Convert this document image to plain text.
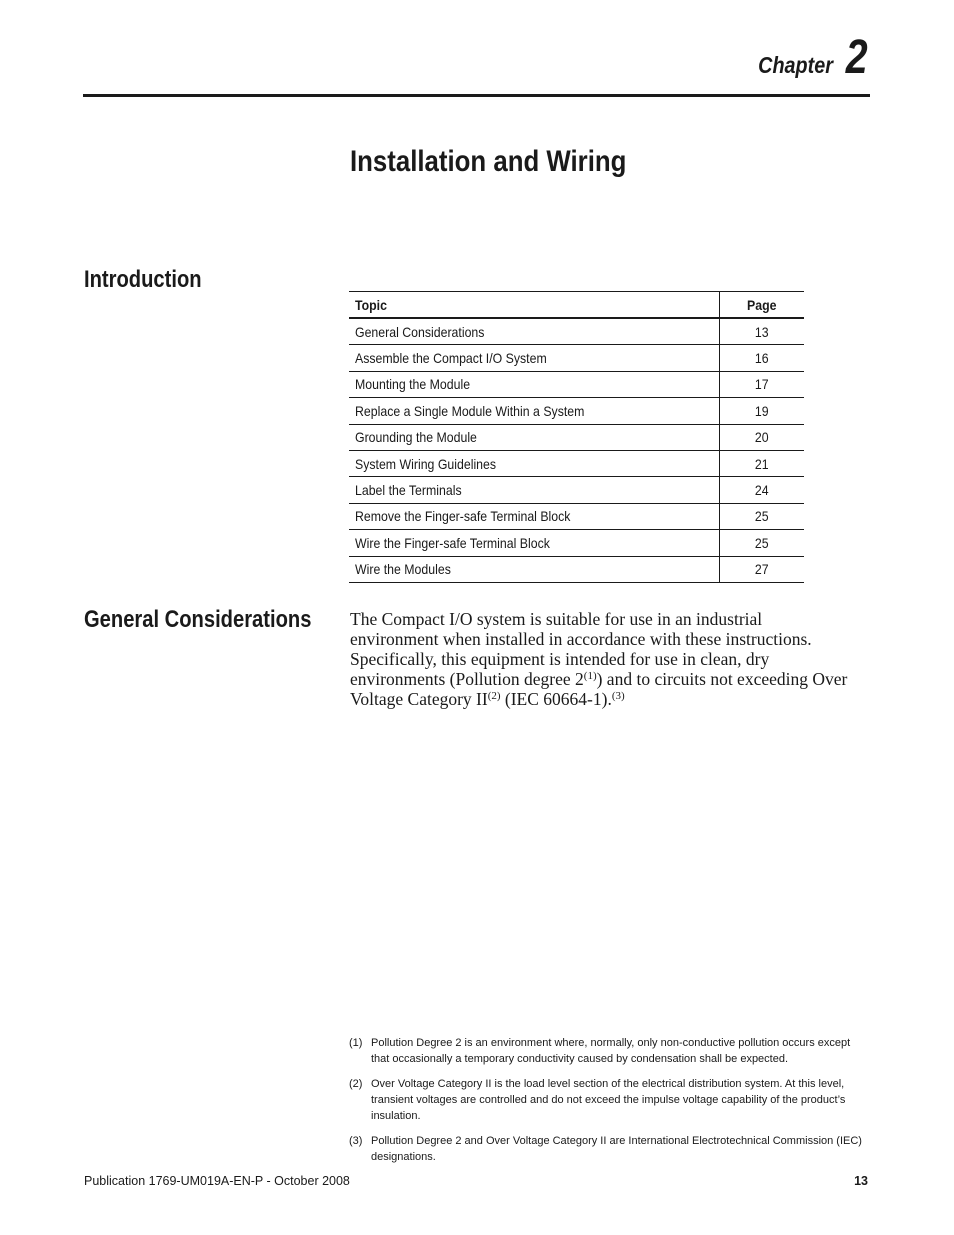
Chapter 2
Installation and Wiring
Introduction
Topic	Page
General Considerations	13
Assemble the Compact I/O System	16
Mounting the Module	17
Replace a Single Module Within a System	19
Grounding the Module	20
System Wiring Guidelines	21
Label the Terminals	24
Remove the Finger-safe Terminal Block	25
Wire the Finger-safe Terminal Block	25
Wire the Modules	27
General Considerations The Compact I/O system is suitable for use in an industrial environment when installed in accordance with these instructions. Specifically, this equipment is intended for use in clean, dry environments (Pollution degree 2$^{(1)}$) and to circuits not exceeding Over Voltage Category II$^{(2)}$ (IEC 60664-1).$^{(3)}$

(1) Pollution Degree 2 is an environment where, normally, only non-conductive pollution occurs except that occasionally a temporary conductivity caused by condensation shall be expected.
(2) Over Voltage Category II is the load level section of the electrical distribution system. At this level, transient voltages are controlled and do not exceed the impulse voltage capability of the product’s insulation.
(3) Pollution Degree 2 and Over Voltage Category II are International Electrotechnical Commission (IEC) designations.
Publication 1769-UM019A-EN-P - October 2008	13
